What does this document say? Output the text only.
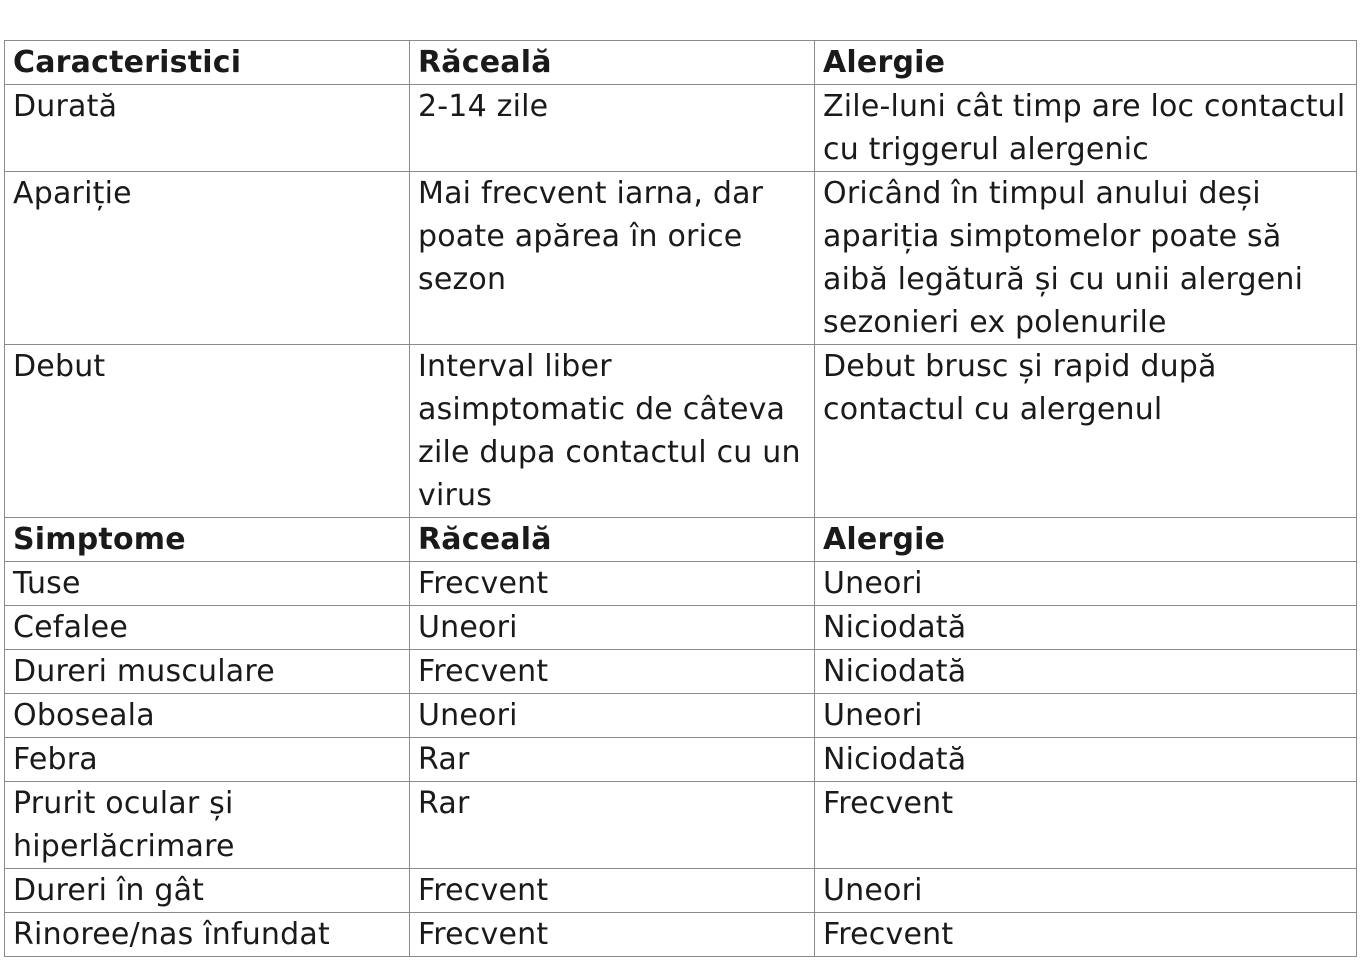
Caracteristici	Răceală	Alergie
Durată	2-14 zile	Zile-luni cât timp are loc contactul cu triggerul alergenic
Apariție	Mai frecvent iarna, dar poate apărea în orice sezon	Oricând în timpul anului deși apariția simptomelor poate să aibă legătură și cu unii alergeni sezonieri ex polenurile
Debut	Interval liber asimptomatic de câteva zile dupa contactul cu un virus	Debut brusc și rapid după contactul cu alergenul
Simptome	Răceală	Alergie
Tuse	Frecvent	Uneori
Cefalee	Uneori	Niciodată
Dureri musculare	Frecvent	Niciodată
Oboseala	Uneori	Uneori
Febra	Rar	Niciodată
Prurit ocular și hiperlăcrimare	Rar	Frecvent
Dureri în gât	Frecvent	Uneori
Rinoree/nas înfundat	Frecvent	Frecvent
